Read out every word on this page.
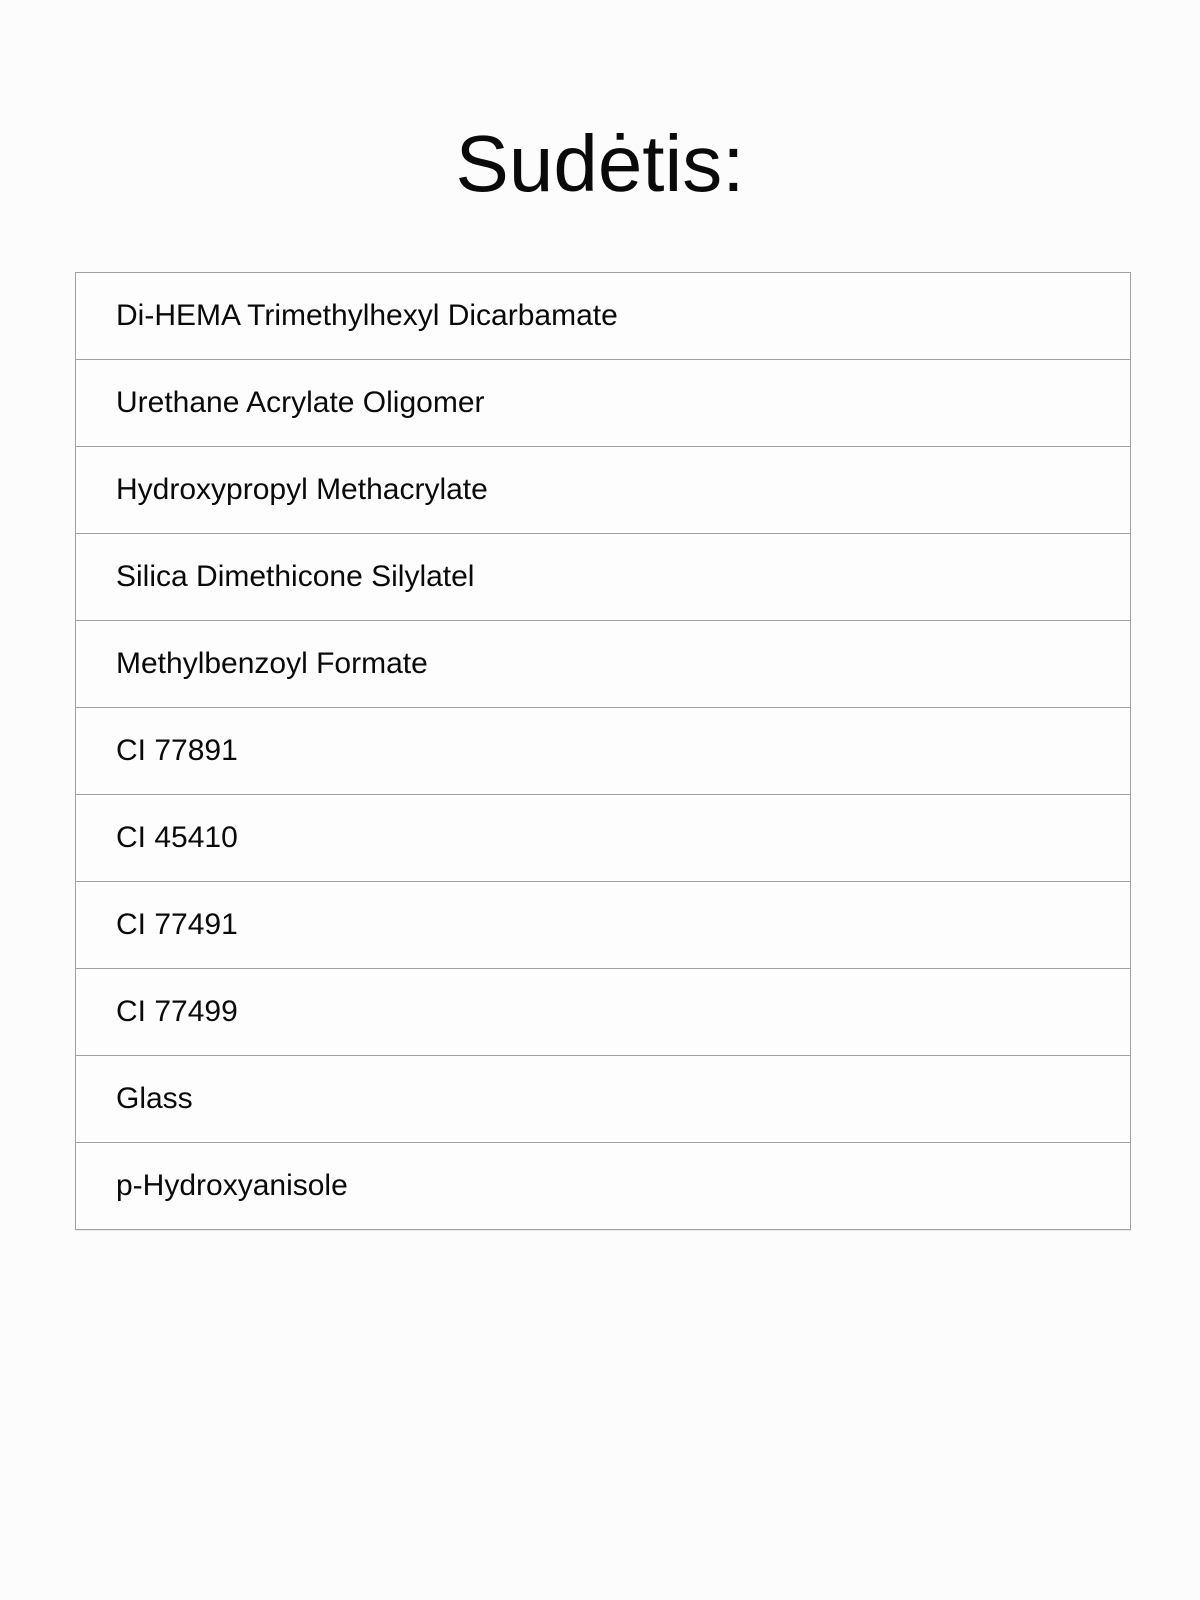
Sudėtis:
Di-HEMA Trimethylhexyl Dicarbamate
Urethane Acrylate Oligomer
Hydroxypropyl Methacrylate
Silica Dimethicone Silylatel
Methylbenzoyl Formate
CI 77891
CI 45410
CI 77491
CI 77499
Glass
p-Hydroxyanisole
